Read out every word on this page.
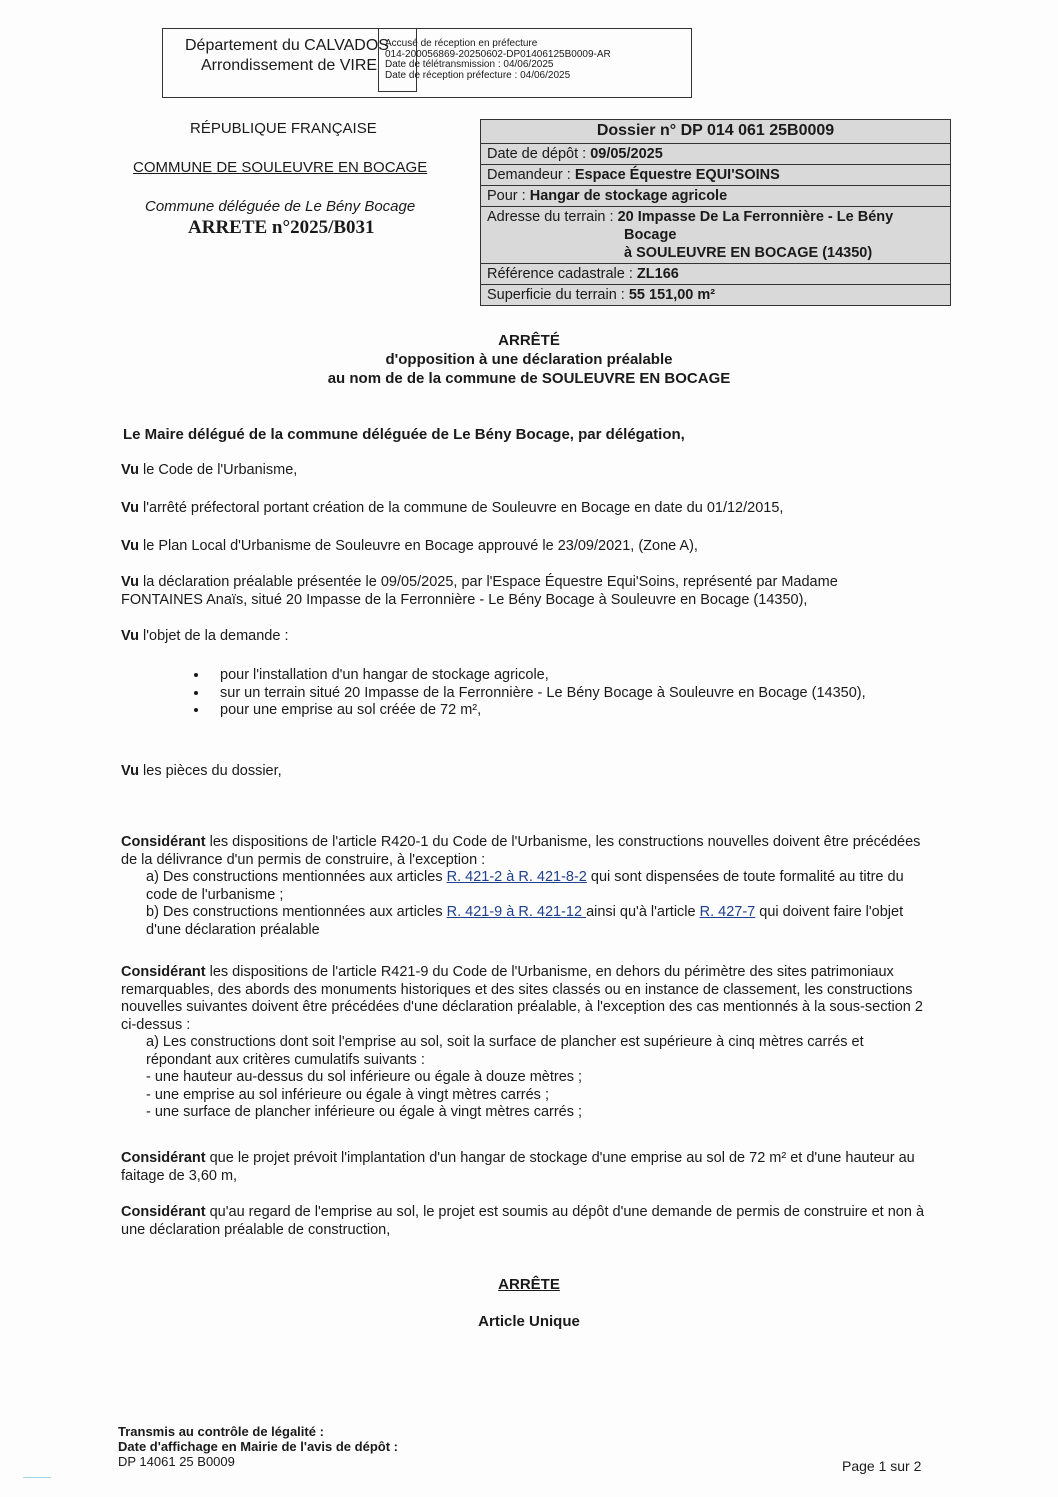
Département du CALVADOS
Arrondissement de VIRE
Accusé de réception en préfecture
014-200056869-20250602-DP01406125B0009-AR
Date de télétransmission : 04/06/2025
Date de réception préfecture : 04/06/2025
RÉPUBLIQUE FRANÇAISE
COMMUNE DE SOULEUVRE EN BOCAGE
Commune déléguée de Le Bény Bocage
ARRETE n°2025/B031
Dossier n° DP 014 061 25B0009
Date de dépôt : 09/05/2025
Demandeur : Espace Équestre EQUI'SOINS
Pour : Hangar de stockage agricole
Adresse du terrain : 20 Impasse De La Ferronnière - Le Bény
Bocage
à SOULEUVRE EN BOCAGE (14350)
Référence cadastrale : ZL166
Superficie du terrain : 55 151,00 m²
ARRÊTÉ
d'opposition à une déclaration préalable
au nom de de la commune de SOULEUVRE EN BOCAGE
Le Maire délégué de la commune déléguée de Le Bény Bocage, par délégation,
Vu le Code de l'Urbanisme,
Vu l'arrêté préfectoral portant création de la commune de Souleuvre en Bocage en date du 01/12/2015,
Vu le Plan Local d'Urbanisme de Souleuvre en Bocage approuvé le 23/09/2021, (Zone A),
Vu la déclaration préalable présentée le 09/05/2025, par l'Espace Équestre Equi'Soins, représenté par Madame
FONTAINES Anaïs, situé 20 Impasse de la Ferronnière - Le Bény Bocage à Souleuvre en Bocage (14350),
Vu l'objet de la demande :
• pour l'installation d'un hangar de stockage agricole,
• sur un terrain situé 20 Impasse de la Ferronnière - Le Bény Bocage à Souleuvre en Bocage (14350),
• pour une emprise au sol créée de 72 m²,
Vu les pièces du dossier,
Considérant les dispositions de l'article R420-1 du Code de l'Urbanisme, les constructions nouvelles doivent être précédées de la délivrance d'un permis de construire, à l'exception :
a) Des constructions mentionnées aux articles R. 421-2 à R. 421-8-2 qui sont dispensées de toute formalité au titre du code de l'urbanisme ;
b) Des constructions mentionnées aux articles R. 421-9 à R. 421-12 ainsi qu'à l'article R. 427-7 qui doivent faire l'objet d'une déclaration préalable
Considérant les dispositions de l'article R421-9 du Code de l'Urbanisme, en dehors du périmètre des sites patrimoniaux remarquables, des abords des monuments historiques et des sites classés ou en instance de classement, les constructions nouvelles suivantes doivent être précédées d'une déclaration préalable, à l'exception des cas mentionnés à la sous-section 2 ci-dessus :
a) Les constructions dont soit l'emprise au sol, soit la surface de plancher est supérieure à cinq mètres carrés et répondant aux critères cumulatifs suivants :
- une hauteur au-dessus du sol inférieure ou égale à douze mètres ;
- une emprise au sol inférieure ou égale à vingt mètres carrés ;
- une surface de plancher inférieure ou égale à vingt mètres carrés ;
Considérant que le projet prévoit l'implantation d'un hangar de stockage d'une emprise au sol de 72 m² et d'une hauteur au faitage de 3,60 m,
Considérant qu'au regard de l'emprise au sol, le projet est soumis au dépôt d'une demande de permis de construire et non à une déclaration préalable de construction,
ARRÊTE
Article Unique
Transmis au contrôle de légalité :
Date d'affichage en Mairie de l'avis de dépôt :
DP 14061 25 B0009	Page 1 sur 2
